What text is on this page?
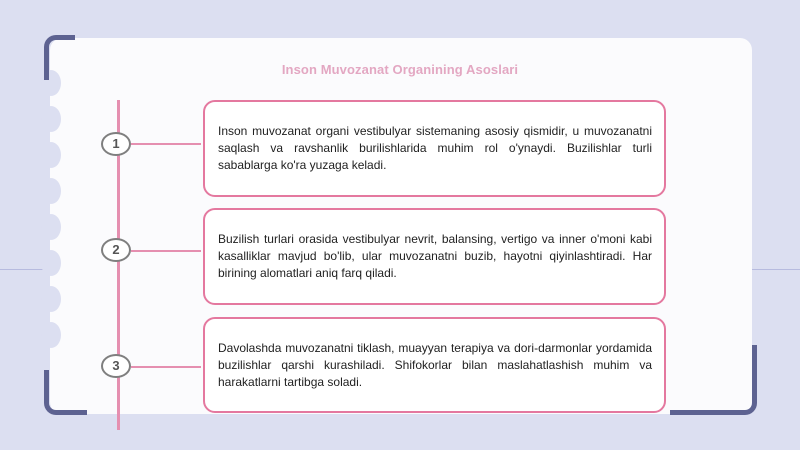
Inson Muvozanat Organining Asoslari
1

Inson muvozanat organi vestibulyar sistemaning asosiy qismidir, u muvozanatni saqlash va ravshanlik burilishlarida muhim rol o'ynaydi. Buzilishlar turli sabablarga ko'ra yuzaga keladi.

2

Buzilish turlari orasida vestibulyar nevrit, balansing, vertigo va inner o'moni kabi kasalliklar mavjud bo'lib, ular muvozanatni buzib, hayotni qiyinlashtiradi. Har birining alomatlari aniq farq qiladi.

3

Davolashda muvozanatni tiklash, muayyan terapiya va dori-darmonlar yordamida buzilishlar qarshi kurashiladi. Shifokorlar bilan maslahatlashish muhim va harakatlarni tartibga soladi.
